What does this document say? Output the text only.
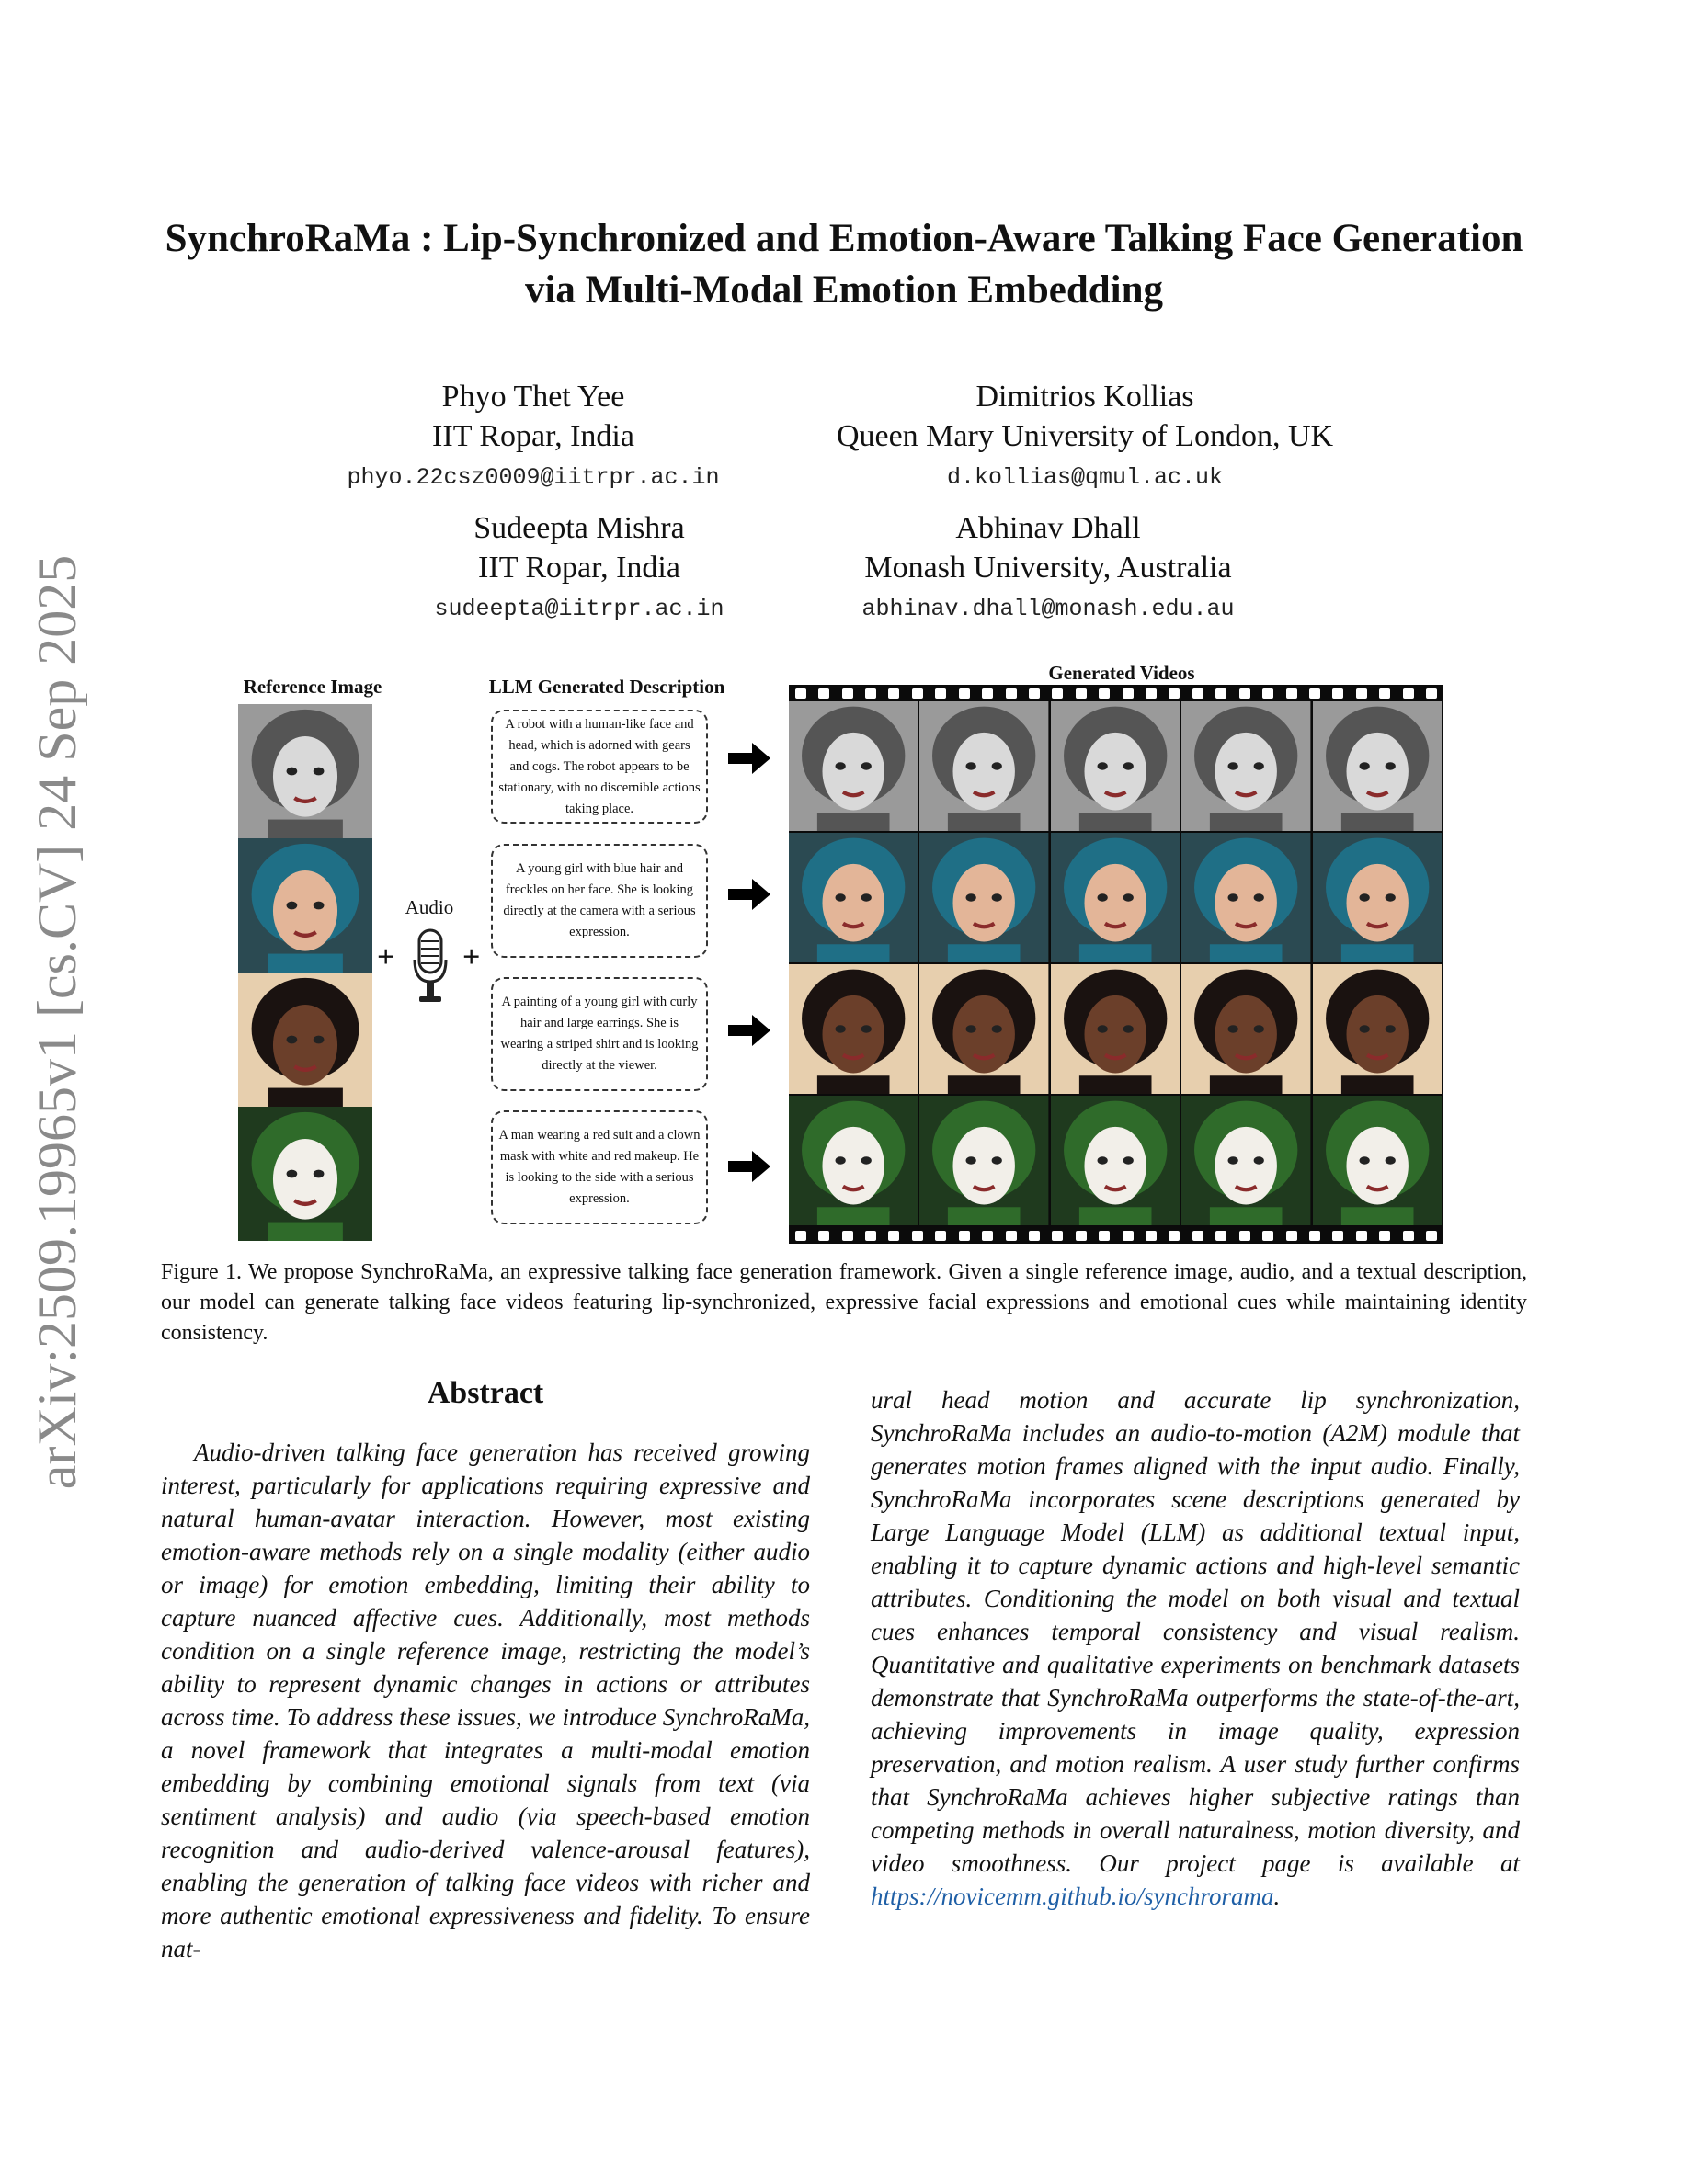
arXiv:2509.19965v1 [cs.CV] 24 Sep 2025
SynchroRaMa : Lip-Synchronized and Emotion-Aware Talking Face Generation
via Multi-Modal Emotion Embedding
Phyo Thet Yee
IIT Ropar, India
phyo.22csz0009@iitrpr.ac.in
Dimitrios Kollias
Queen Mary University of London, UK
d.kollias@qmul.ac.uk
Sudeepta Mishra
IIT Ropar, India
sudeepta@iitrpr.ac.in
Abhinav Dhall
Monash University, Australia
abhinav.dhall@monash.edu.au
Reference Image	LLM Generated Description
Generated Videos
Audio
+ +
A robot with a human-like face and head, which is adorned with gears and cogs. The robot appears to be stationary, with no discernible actions taking place.
A young girl with blue hair and freckles on her face. She is looking directly at the camera with a serious expression.
A painting of a young girl with curly hair and large earrings. She is wearing a striped shirt and is looking directly at the viewer.
A man wearing a red suit and a clown mask with white and red makeup. He is looking to the side with a serious expression.
Figure 1. We propose SynchroRaMa, an expressive talking face generation framework. Given a single reference image, audio, and a textual description, our model can generate talking face videos featuring lip-synchronized, expressive facial expressions and emotional cues while maintaining identity consistency.
Abstract
Audio-driven talking face generation has received growing interest, particularly for applications requiring expressive and natural human-avatar interaction. However, most existing emotion-aware methods rely on a single modality (either audio or image) for emotion embedding, limiting their ability to capture nuanced affective cues. Additionally, most methods condition on a single reference image, restricting the model’s ability to represent dynamic changes in actions or attributes across time. To address these issues, we introduce SynchroRaMa, a novel framework that integrates a multi-modal emotion embedding by combining emotional signals from text (via sentiment analysis) and audio (via speech-based emotion recognition and audio-derived valence-arousal features), enabling the generation of talking face videos with richer and more authentic emotional expressiveness and fidelity. To ensure nat-
ural head motion and accurate lip synchronization, SynchroRaMa includes an audio-to-motion (A2M) module that generates motion frames aligned with the input audio. Finally, SynchroRaMa incorporates scene descriptions generated by Large Language Model (LLM) as additional textual input, enabling it to capture dynamic actions and high-level semantic attributes. Conditioning the model on both visual and textual cues enhances temporal consistency and visual realism. Quantitative and qualitative experiments on benchmark datasets demonstrate that SynchroRaMa outperforms the state-of-the-art, achieving improvements in image quality, expression preservation, and motion realism. A user study further confirms that SynchroRaMa achieves higher subjective ratings than competing methods in overall naturalness, motion diversity, and video smoothness. Our project page is available at https://novicemm.github.io/synchrorama.
